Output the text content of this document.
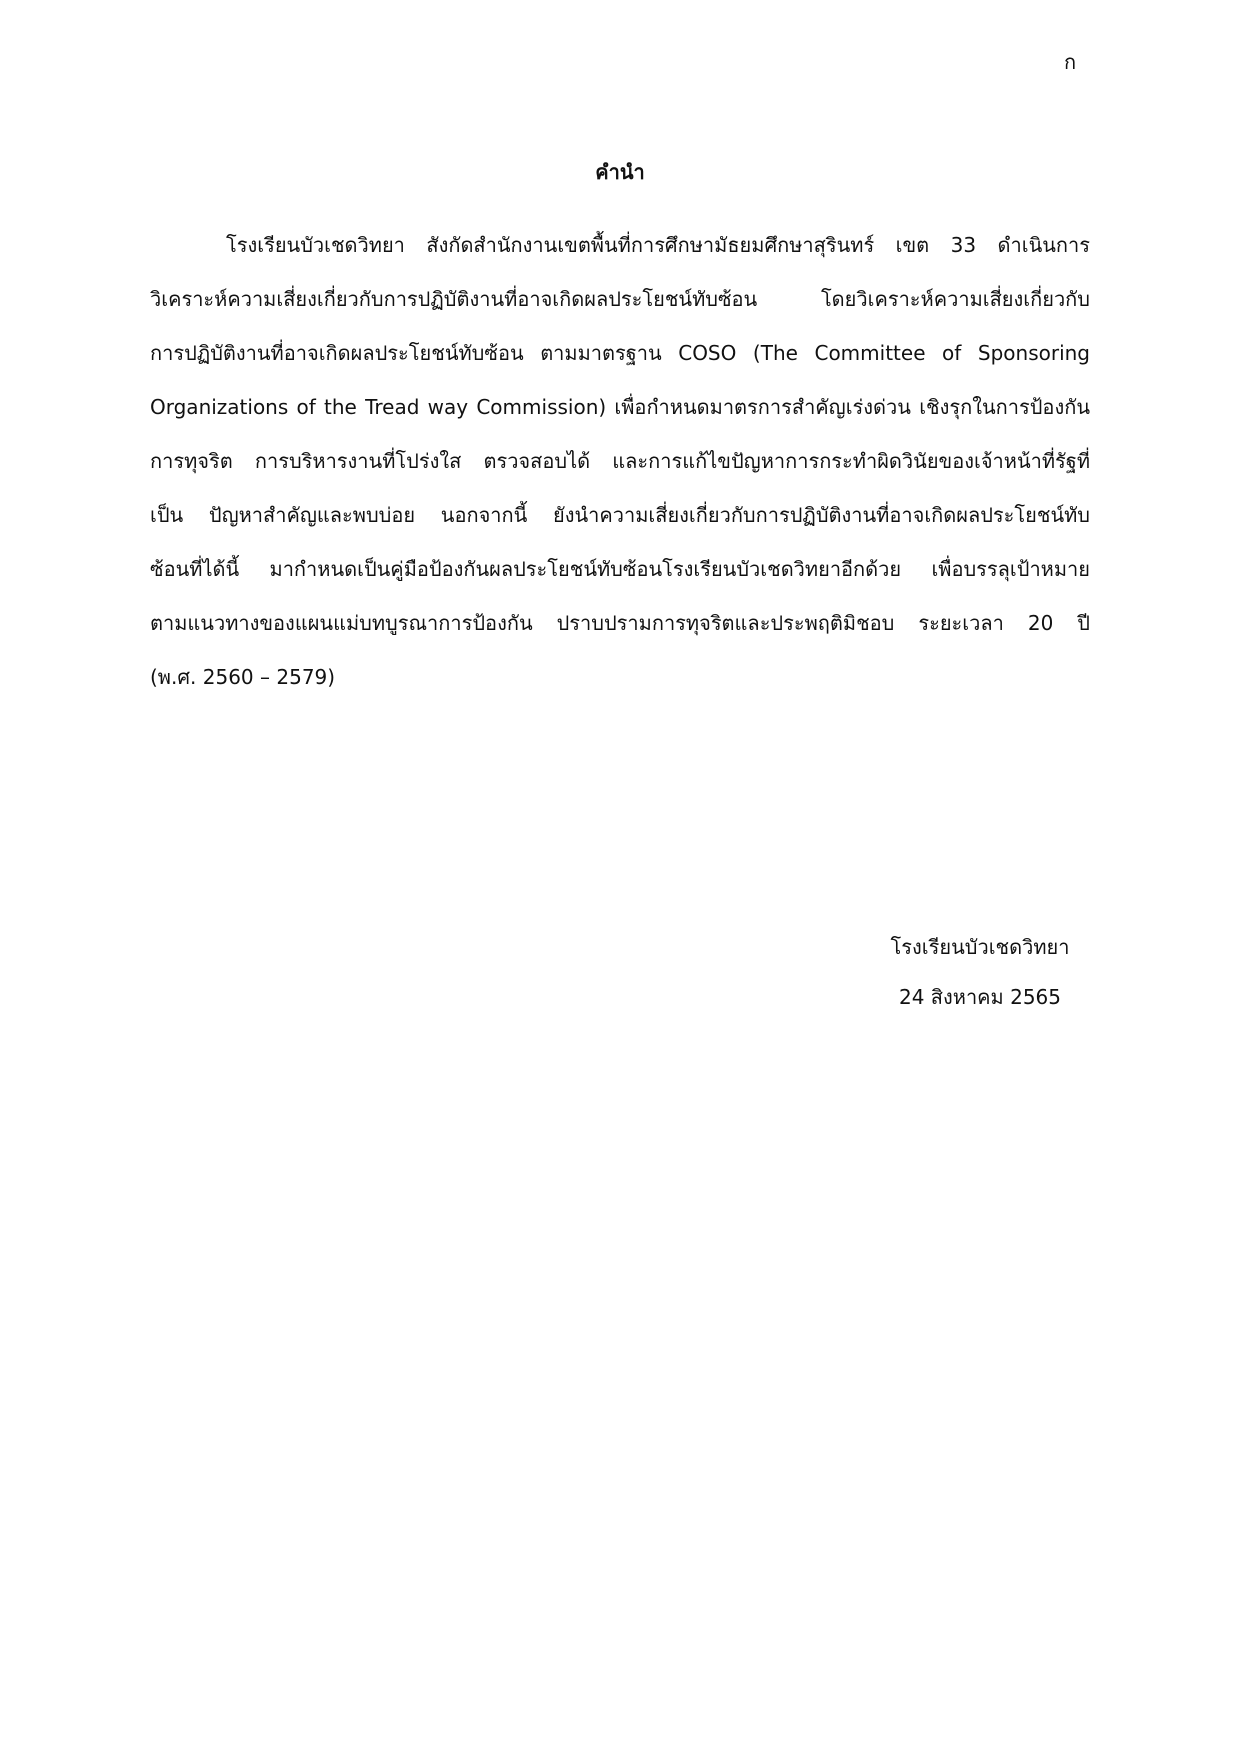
ก
คำนำ
โรงเรียนบัวเชดวิทยา สังกัดสำนักงานเขตพื้นที่การศึกษามัธยมศึกษาสุรินทร์ เขต 33 ดำเนินการ
วิเคราะห์ความเสี่ยงเกี่ยวกับการปฏิบัติงานที่อาจเกิดผลประโยชน์ทับซ้อน โดยวิเคราะห์ความเสี่ยงเกี่ยวกับ
การปฏิบัติงานที่อาจเกิดผลประโยชน์ทับซ้อน ตามมาตรฐาน COSO (The Committee of Sponsoring
Organizations of the Tread way Commission) เพื่อกำหนดมาตรการสำคัญเร่งด่วน เชิงรุกในการป้องกัน
การทุจริต การบริหารงานที่โปร่งใส ตรวจสอบได้ และการแก้ไขปัญหาการกระทำผิดวินัยของเจ้าหน้าที่รัฐที่
เป็น ปัญหาสำคัญและพบบ่อย นอกจากนี้ ยังนำความเสี่ยงเกี่ยวกับการปฏิบัติงานที่อาจเกิดผลประโยชน์ทับ
ซ้อนที่ได้นี้ มากำหนดเป็นคู่มือป้องกันผลประโยชน์ทับซ้อนโรงเรียนบัวเชดวิทยาอีกด้วย เพื่อบรรลุเป้าหมาย
ตามแนวทางของแผนแม่บทบูรณาการป้องกัน ปราบปรามการทุจริตและประพฤติมิชอบ ระยะเวลา 20 ปี
(พ.ศ. 2560 – 2579)
โรงเรียนบัวเชดวิทยา
24 สิงหาคม 2565
